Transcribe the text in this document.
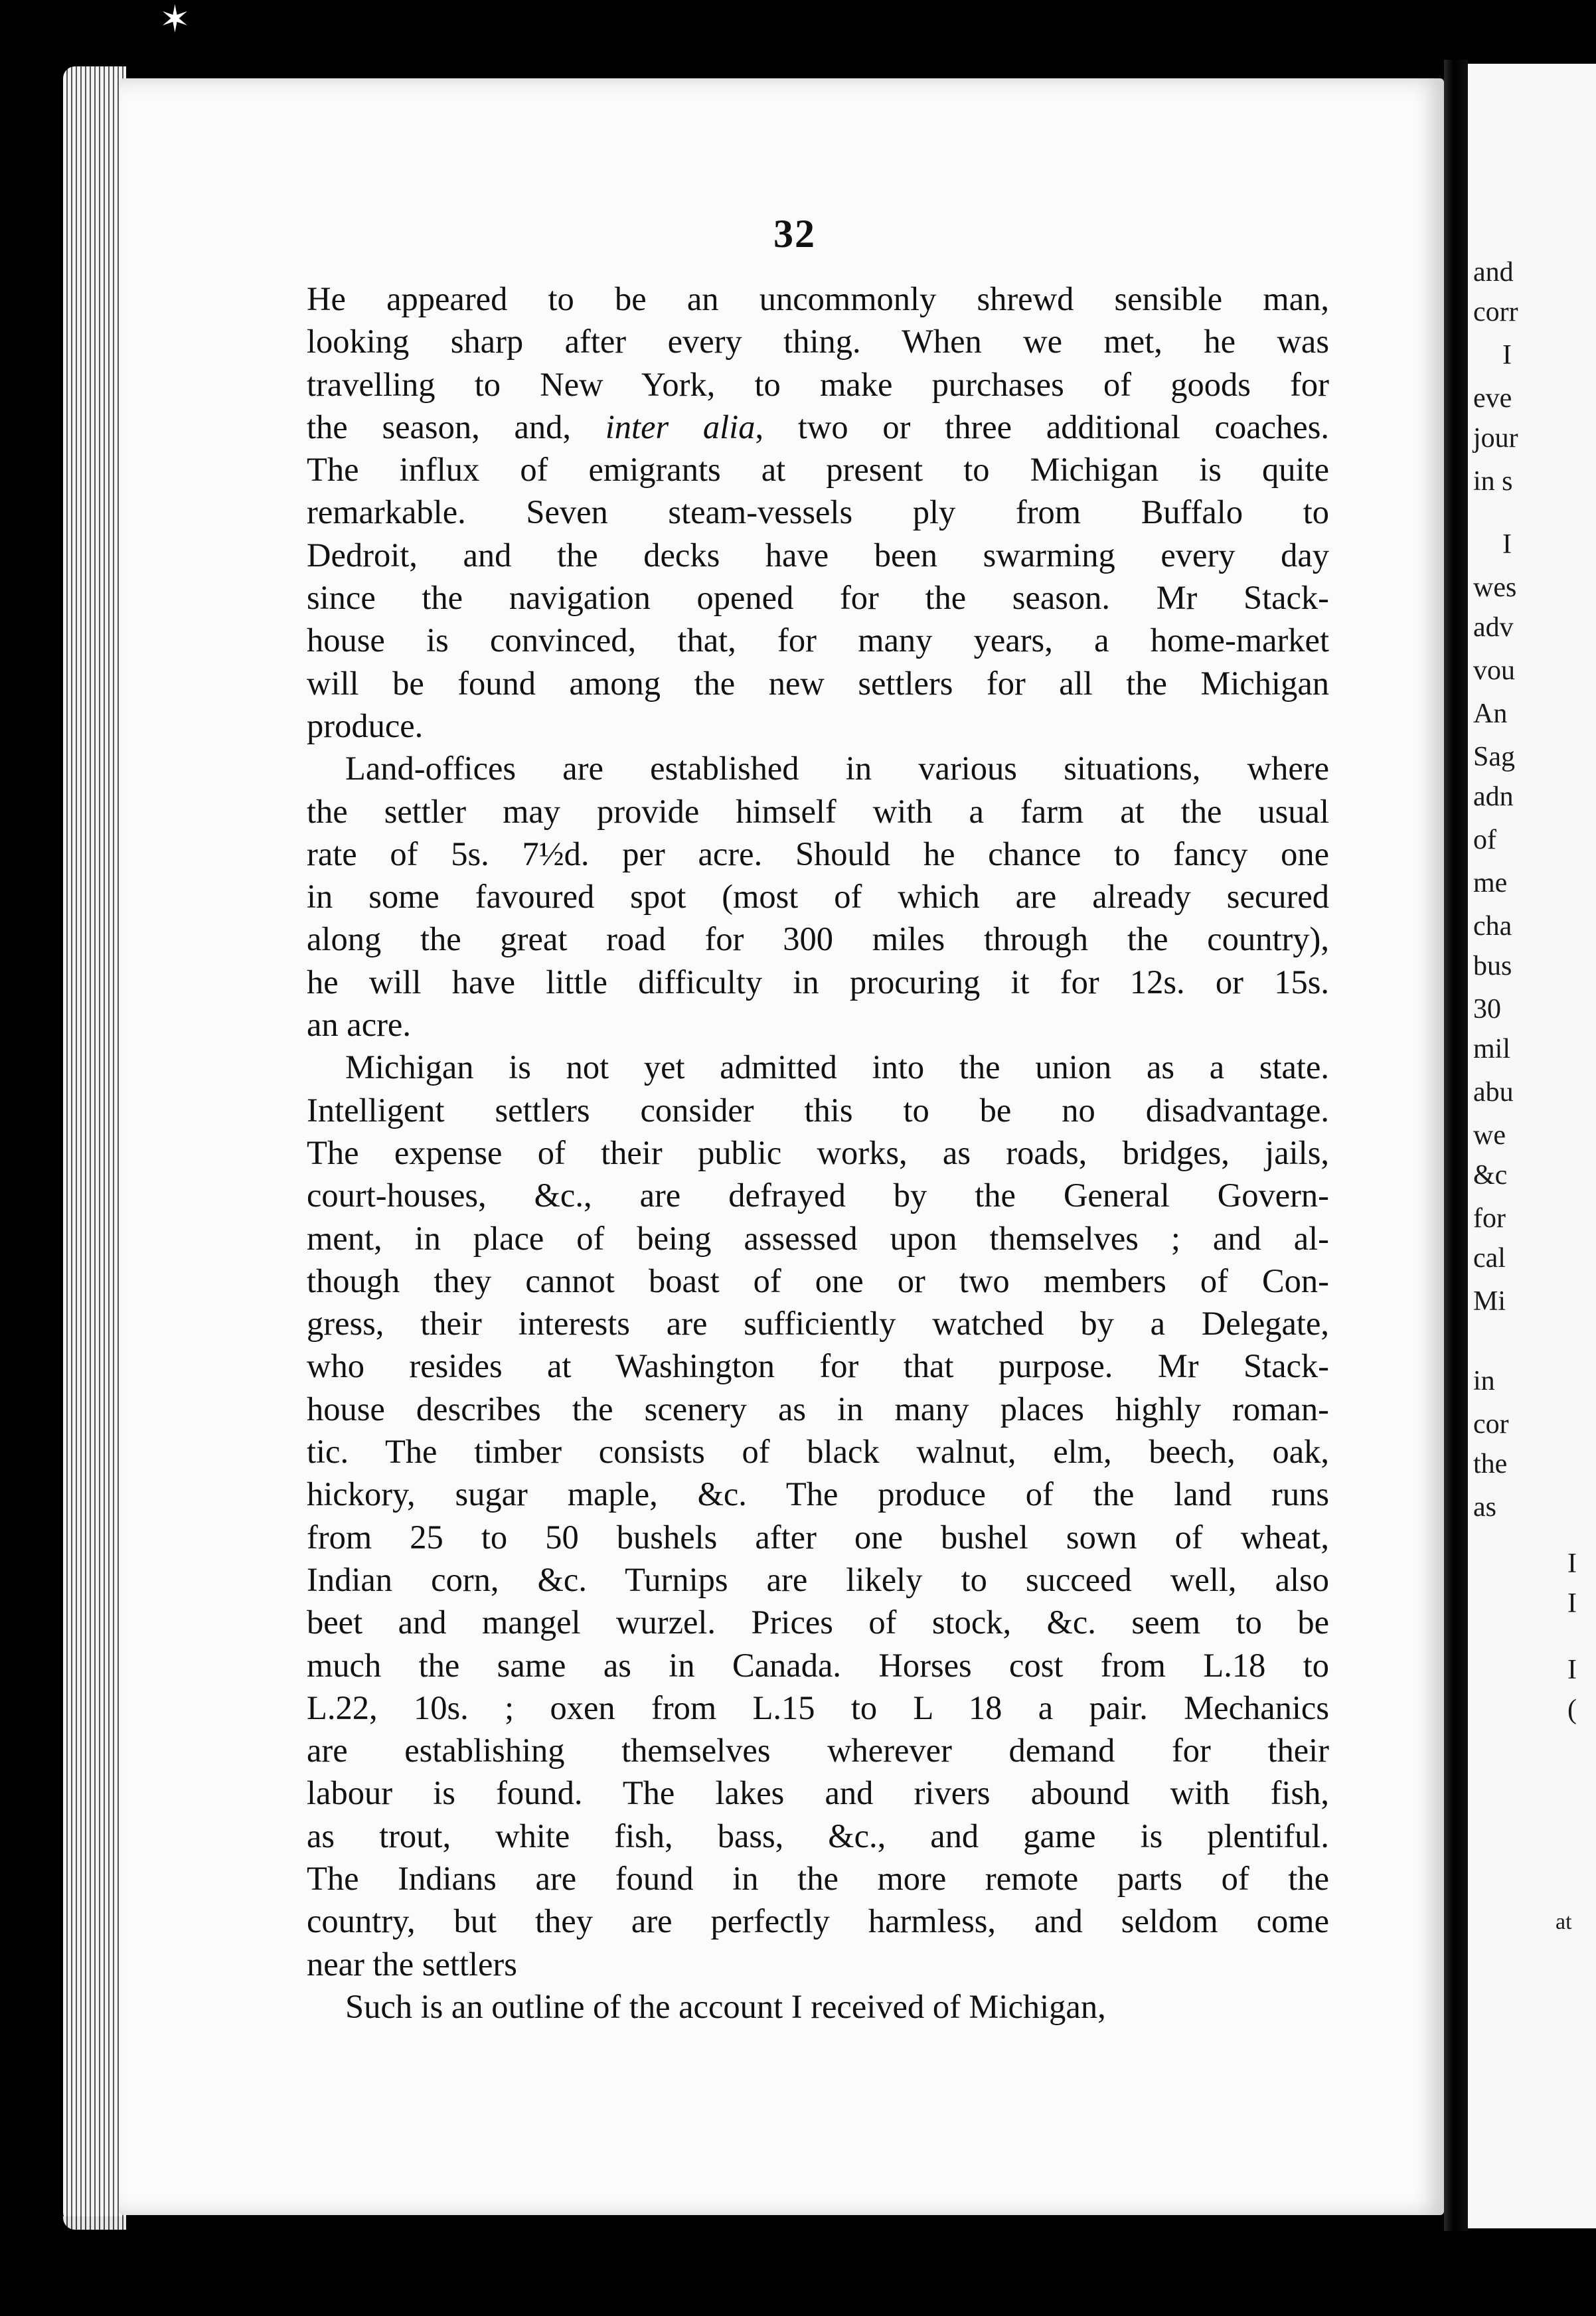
✶
and
corr
I
eve
jour
in s
I
wes
adv
vou
An
Sag
adn
of
me
cha
bus
30
mil
abu
we
&c
for
cal
Mi
in
cor
the
as
I
I
I
(
at
32
He appeared to be an uncommonly shrewd sensible man,
looking sharp after every thing. When we met, he was
travelling to New York, to make purchases of goods for
the season, and, inter alia, two or three additional coaches.
The influx of emigrants at present to Michigan is quite
remarkable. Seven steam-vessels ply from Buffalo to
Dedroit, and the decks have been swarming every day
since the navigation opened for the season. Mr Stack-
house is convinced, that, for many years, a home-market
will be found among the new settlers for all the Michigan
produce.
Land-offices are established in various situations, where
the settler may provide himself with a farm at the usual
rate of 5s. 7½d. per acre. Should he chance to fancy one
in some favoured spot (most of which are already secured
along the great road for 300 miles through the country),
he will have little difficulty in procuring it for 12s. or 15s.
an acre.
Michigan is not yet admitted into the union as a state.
Intelligent settlers consider this to be no disadvantage.
The expense of their public works, as roads, bridges, jails,
court-houses, &c., are defrayed by the General Govern-
ment, in place of being assessed upon themselves ; and al-
though they cannot boast of one or two members of Con-
gress, their interests are sufficiently watched by a Delegate,
who resides at Washington for that purpose. Mr Stack-
house describes the scenery as in many places highly roman-
tic. The timber consists of black walnut, elm, beech, oak,
hickory, sugar maple, &c. The produce of the land runs
from 25 to 50 bushels after one bushel sown of wheat,
Indian corn, &c. Turnips are likely to succeed well, also
beet and mangel wurzel. Prices of stock, &c. seem to be
much the same as in Canada. Horses cost from L.18 to
L.22, 10s. ; oxen from L.15 to L 18 a pair. Mechanics
are establishing themselves wherever demand for their
labour is found. The lakes and rivers abound with fish,
as trout, white fish, bass, &c., and game is plentiful.
The Indians are found in the more remote parts of the
country, but they are perfectly harmless, and seldom come
near the settlers
Such is an outline of the account I received of Michigan,
